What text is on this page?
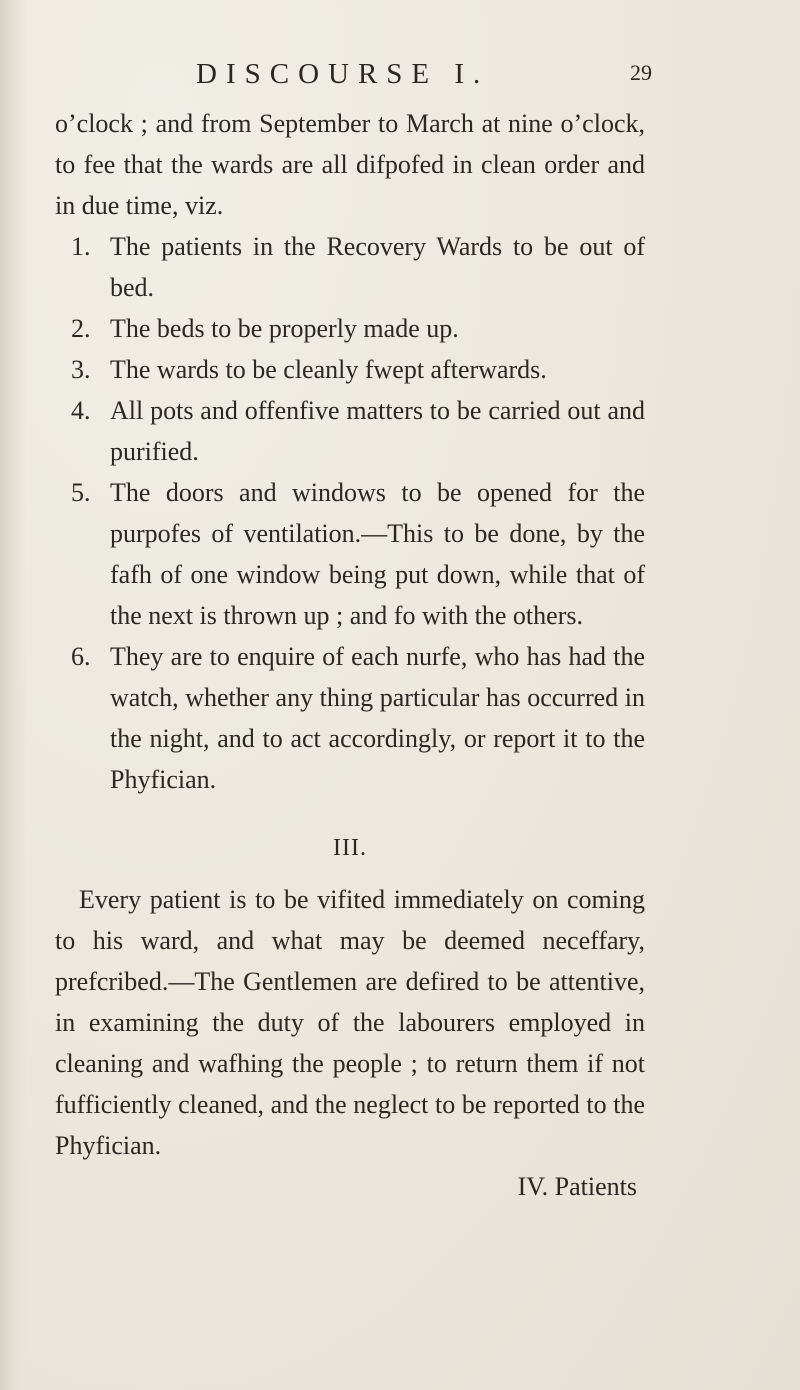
DISCOURSE I.	29

o’clock ; and from September to March at nine o’clock, to fee that the wards are all difpofed in clean order and in due time, viz.

1. The patients in the Recovery Wards to be out of bed.
2. The beds to be properly made up.
3. The wards to be cleanly fwept afterwards.
4. All pots and offenfive matters to be carried out and purified.
5. The doors and windows to be opened for the purpofes of ventilation.—This to be done, by the fafh of one window being put down, while that of the next is thrown up ; and fo with the others.
6. They are to enquire of each nurfe, who has had the watch, whether any thing particular has occurred in the night, and to act accordingly, or report it to the Phyfician.
III.

Every patient is to be vifited immediately on coming to his ward, and what may be deemed neceffary, prefcribed.—The Gentlemen are defired to be attentive, in examining the duty of the labourers employed in cleaning and wafhing the people ; to return them if not fufficiently cleaned, and the neglect to be reported to the Phyfician.

IV. Patients
